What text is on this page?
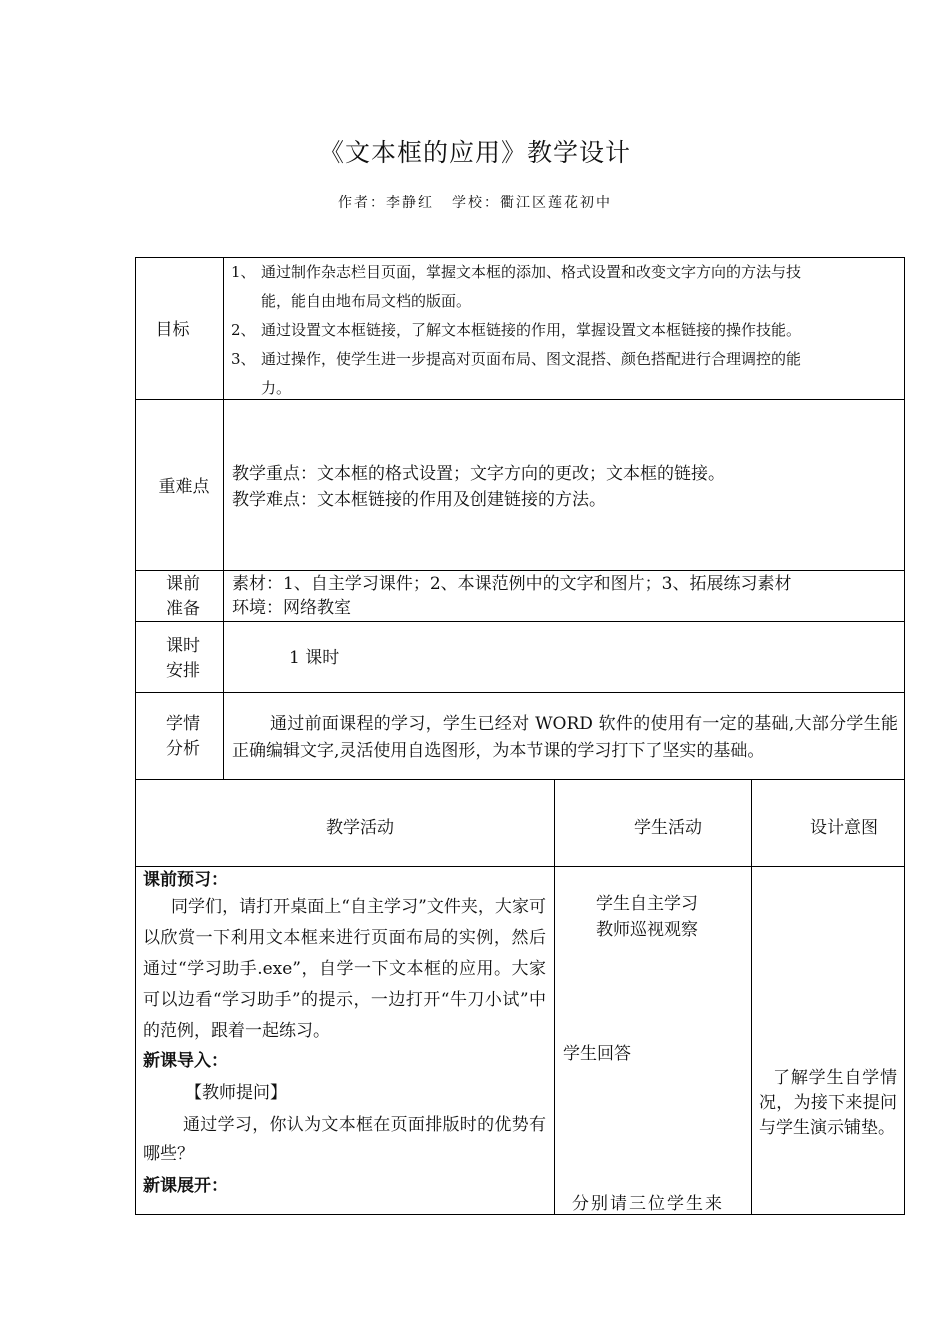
《文本框的应用》教学设计
作者：李静红 学校：衢江区莲花初中
目标
1、 通过制作杂志栏目页面，掌握文本框的添加、格式设置和改变文字方向的方法与技
能，能自由地布局文档的版面。
2、 通过设置文本框链接，了解文本框链接的作用，掌握设置文本框链接的操作技能。
3、 通过操作，使学生进一步提高对页面布局、图文混搭、颜色搭配进行合理调控的能
力。
重难点
教学重点：文本框的格式设置；文字方向的更改；文本框的链接。
教学难点：文本框链接的作用及创建链接的方法。
课前
准备
素材：1、自主学习课件；2、本课范例中的文字和图片；3、拓展练习素材
环境：网络教室
课时
安排
1 课时
学情
分析
通过前面课程的学习，学生已经对 WORD 软件的使用有一定的基础,大部分学生能正确编辑文字,灵活使用自选图形，为本节课的学习打下了坚实的基础。
教学活动	学生活动	设计意图

课前预习：

同学们，请打开桌面上“自主学习”文件夹，大家可以欣赏一下利用文本框来进行页面布局的实例，然后通过“学习助手.exe”，自学一下文本框的应用。大家可以边看“学习助手”的提示，一边打开“牛刀小试”中的范例，跟着一起练习。

新课导入：

【教师提问】

通过学习，你认为文本框在页面排版时的优势有哪些？

新课展开：

学生自主学习
教师巡视观察
学生回答
分别请三位学生来
了解学生自学情况，为接下来提问与学生演示铺垫。
